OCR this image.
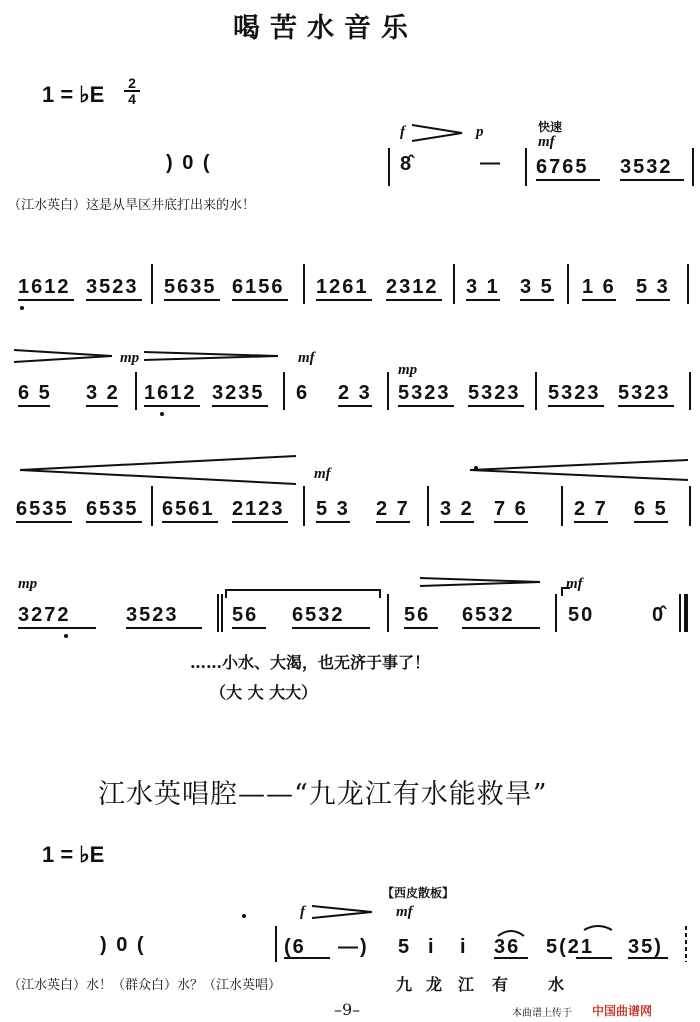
喝苦水音乐
1 = ♭E 2
4
) 0 (
f	p	快速
mf
8̂	— 6765 3532
（江水英白）这是从旱区井底打出来的水！
1612 3523 5635 6156 1261 2312 3 1 3 5 1 6 5 3
mp	mf
mp
6 5 3 2 1612 3235 6 2 3 5323 5323 5323 5323
mf
6535 6535 6561 2123 5 3 2 7 3 2 7 6 2 7 6 5
mp	mf
3272	3523	56 6532	56 6532	50	0̂
……小水、大渴，也无济于事了！
（大 大 大大）
江水英唱腔——“九龙江有水能救旱”
1 = ♭E
【西皮散板】
f	mf
) 0 (	(6 —) 5 i i 36 5(21 35)
（江水英白）水！（群众白）水？（江水英唱）	九 龙 江 有 水
–9–	本曲谱上传于 中国曲谱网
